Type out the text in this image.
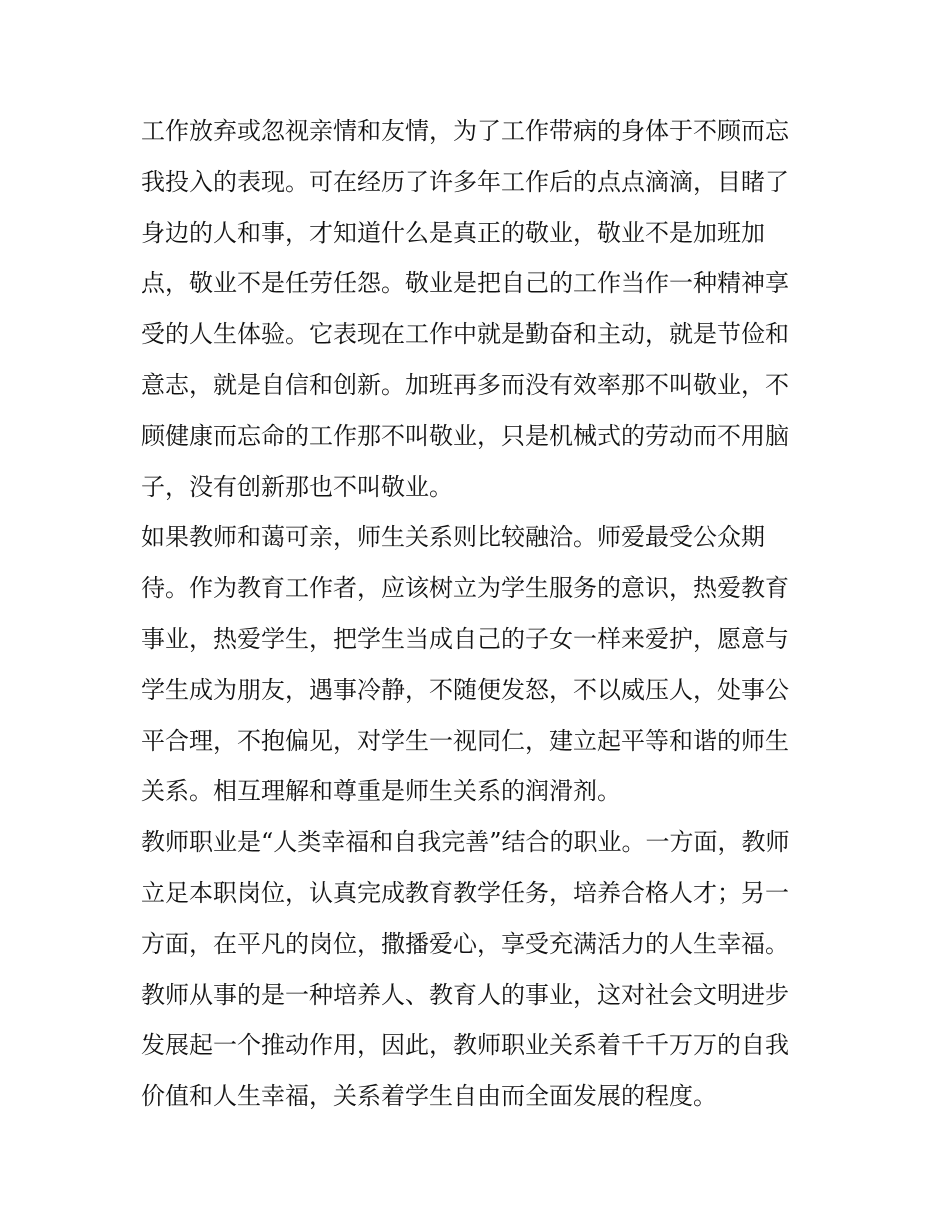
工作放弃或忽视亲情和友情，为了工作带病的身体于不顾而忘
我投入的表现。可在经历了许多年工作后的点点滴滴，目睹了
身边的人和事，才知道什么是真正的敬业，敬业不是加班加
点，敬业不是任劳任怨。敬业是把自己的工作当作一种精神享
受的人生体验。它表现在工作中就是勤奋和主动，就是节俭和
意志，就是自信和创新。加班再多而没有效率那不叫敬业，不
顾健康而忘命的工作那不叫敬业，只是机械式的劳动而不用脑
子，没有创新那也不叫敬业。
如果教师和蔼可亲，师生关系则比较融洽。师爱最受公众期
待。作为教育工作者，应该树立为学生服务的意识，热爱教育
事业，热爱学生，把学生当成自己的子女一样来爱护，愿意与
学生成为朋友，遇事冷静，不随便发怒，不以威压人，处事公
平合理，不抱偏见，对学生一视同仁，建立起平等和谐的师生
关系。相互理解和尊重是师生关系的润滑剂。
教师职业是“人类幸福和自我完善”结合的职业。一方面，教师
立足本职岗位，认真完成教育教学任务，培养合格人才；另一
方面，在平凡的岗位，撒播爱心，享受充满活力的人生幸福。
教师从事的是一种培养人、教育人的事业，这对社会文明进步
发展起一个推动作用，因此，教师职业关系着千千万万的自我
价值和人生幸福，关系着学生自由而全面发展的程度。
